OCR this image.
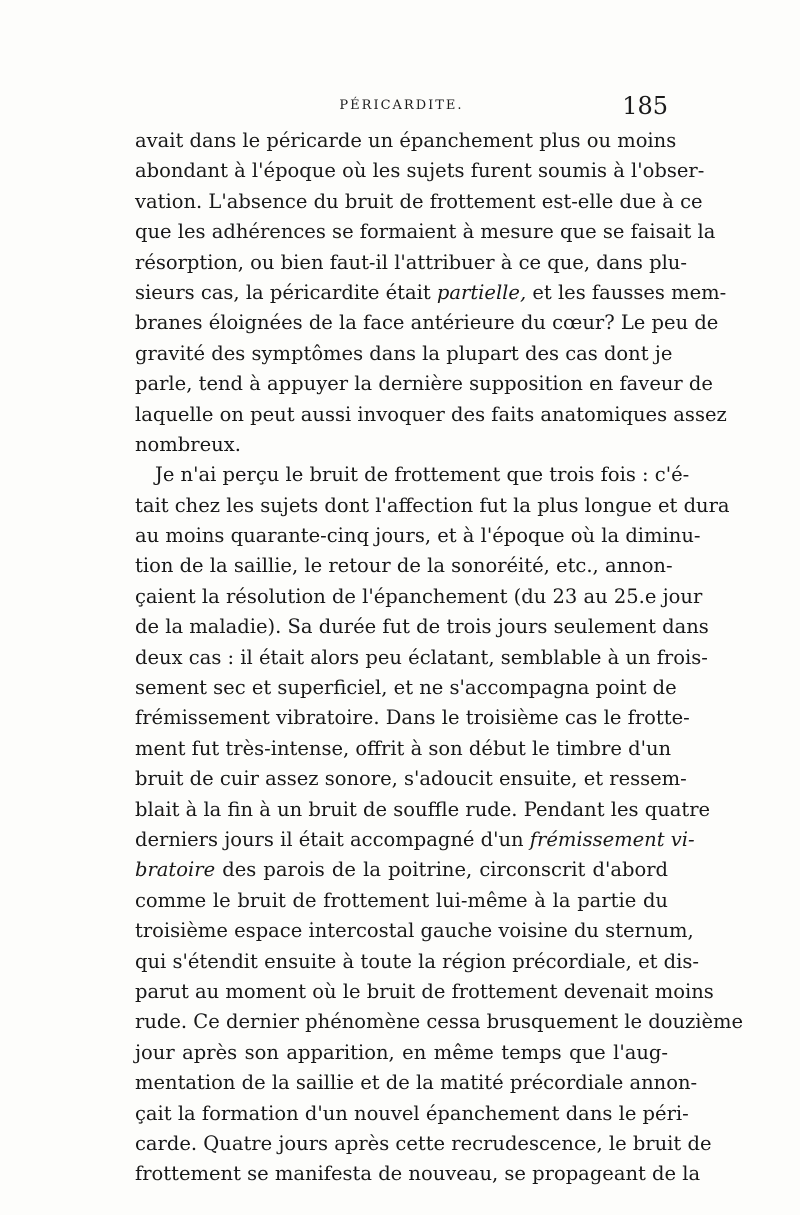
PÉRICARDITE.	185
avait dans le péricarde un épanchement plus ou moins
abondant à l'époque où les sujets furent soumis à l'obser-
vation. L'absence du bruit de frottement est-elle due à ce
que les adhérences se formaient à mesure que se faisait la
résorption, ou bien faut-il l'attribuer à ce que, dans plu-
sieurs cas, la péricardite était partielle, et les fausses mem-
branes éloignées de la face antérieure du cœur? Le peu de
gravité des symptômes dans la plupart des cas dont je
parle, tend à appuyer la dernière supposition en faveur de
laquelle on peut aussi invoquer des faits anatomiques assez
nombreux.
Je n'ai perçu le bruit de frottement que trois fois : c'é-
tait chez les sujets dont l'affection fut la plus longue et dura
au moins quarante-cinq jours, et à l'époque où la diminu-
tion de la saillie, le retour de la sonoréité, etc., annon-
çaient la résolution de l'épanchement (du 23 au 25.e jour
de la maladie). Sa durée fut de trois jours seulement dans
deux cas : il était alors peu éclatant, semblable à un frois-
sement sec et superficiel, et ne s'accompagna point de
frémissement vibratoire. Dans le troisième cas le frotte-
ment fut très-intense, offrit à son début le timbre d'un
bruit de cuir assez sonore, s'adoucit ensuite, et ressem-
blait à la fin à un bruit de souffle rude. Pendant les quatre
derniers jours il était accompagné d'un frémissement vi-
bratoire des parois de la poitrine, circonscrit d'abord
comme le bruit de frottement lui-même à la partie du
troisième espace intercostal gauche voisine du sternum,
qui s'étendit ensuite à toute la région précordiale, et dis-
parut au moment où le bruit de frottement devenait moins
rude. Ce dernier phénomène cessa brusquement le douzième
jour après son apparition, en même temps que l'aug-
mentation de la saillie et de la matité précordiale annon-
çait la formation d'un nouvel épanchement dans le péri-
carde. Quatre jours après cette recrudescence, le bruit de
frottement se manifesta de nouveau, se propageant de la
